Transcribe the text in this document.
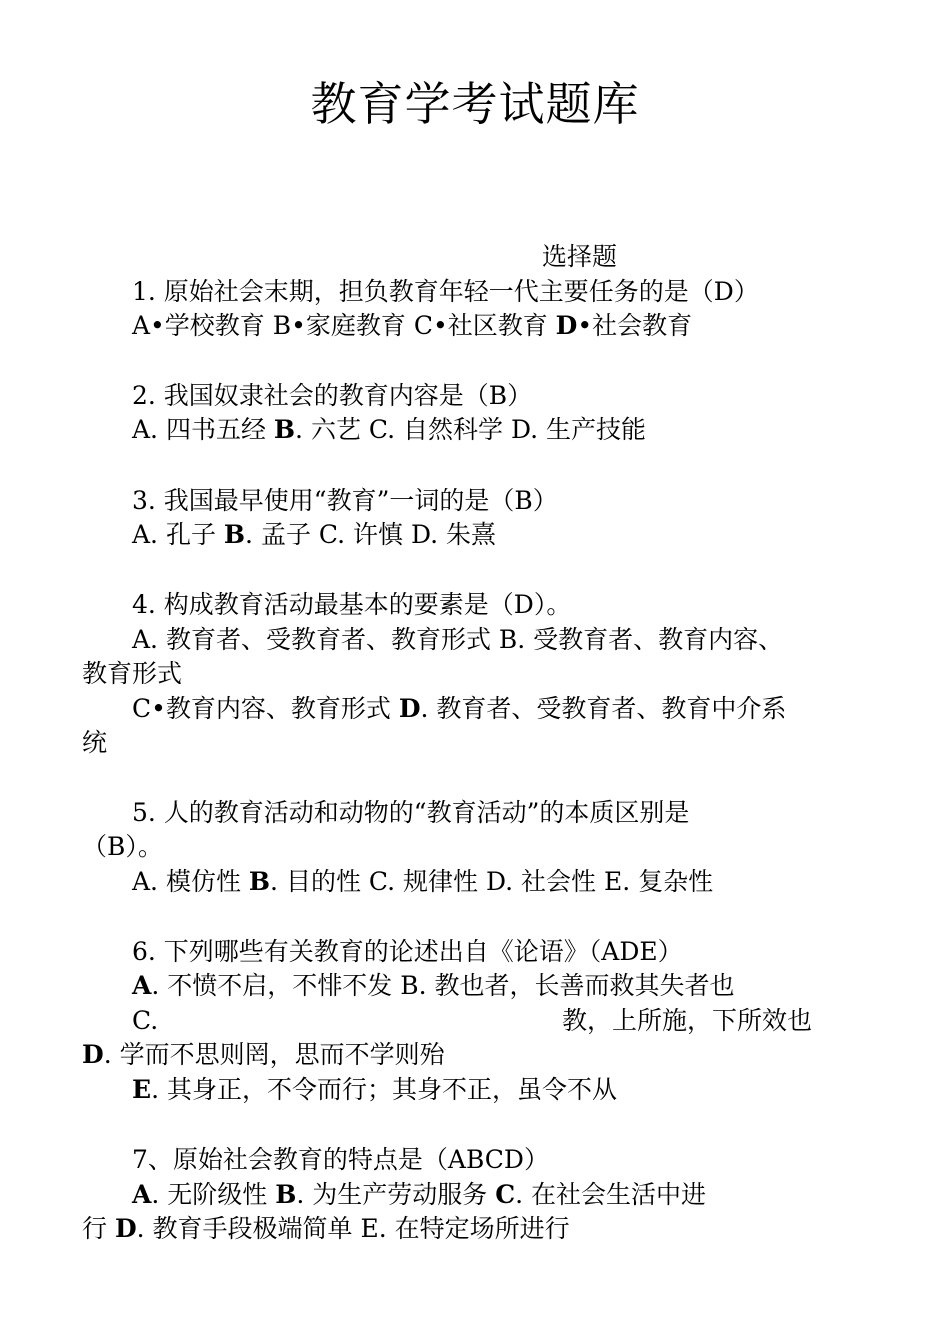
教育学考试题库
选择题
1. 原始社会末期，担负教育年轻一代主要任务的是（D）
A•学校教育 B•家庭教育 C•社区教育 D•社会教育
2. 我国奴隶社会的教育内容是（B）
A. 四书五经 B. 六艺 C. 自然科学 D. 生产技能
3. 我国最早使用“教育”一词的是（B）
A. 孔子 B. 孟子 C. 许慎 D. 朱熹
4. 构成教育活动最基本的要素是（D）。
A. 教育者、受教育者、教育形式 B. 受教育者、教育内容、
教育形式
C•教育内容、教育形式 D. 教育者、受教育者、教育中介系
统
5. 人的教育活动和动物的“教育活动”的本质区别是
（B）。
A. 模仿性 B. 目的性 C. 规律性 D. 社会性 E. 复杂性
6. 下列哪些有关教育的论述出自《论语》（ADE）
A. 不愤不启，不悱不发 B. 教也者，长善而救其失者也
C.	教，上所施，下所效也
D. 学而不思则罔，思而不学则殆
E. 其身正，不令而行；其身不正，虽令不从
7、原始社会教育的特点是（ABCD）
A. 无阶级性 B. 为生产劳动服务 C. 在社会生活中进
行 D. 教育手段极端简单 E. 在特定场所进行
